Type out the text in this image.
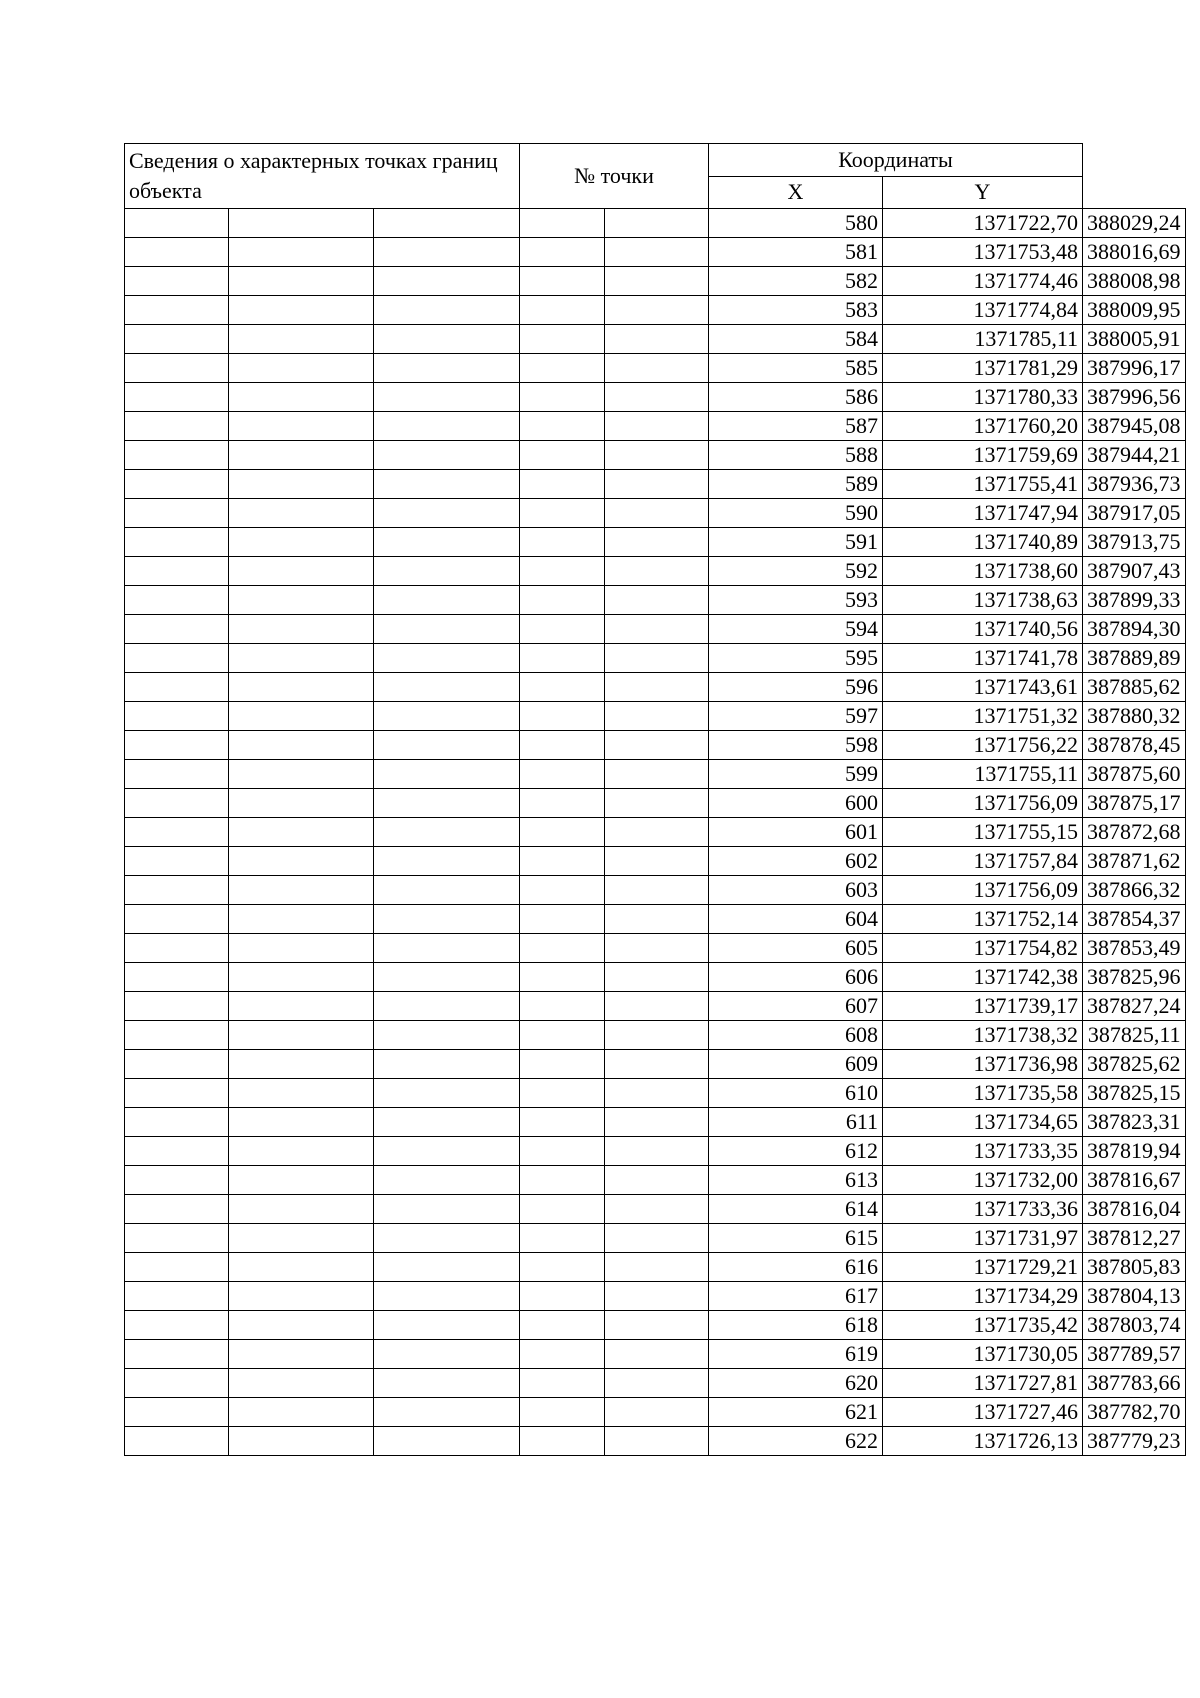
Сведения о характерных точках границ объекта			№ точки		Координаты		
					X	Y	
					580	1371722,70	388029,24
					581	1371753,48	388016,69
					582	1371774,46	388008,98
					583	1371774,84	388009,95
					584	1371785,11	388005,91
					585	1371781,29	387996,17
					586	1371780,33	387996,56
					587	1371760,20	387945,08
					588	1371759,69	387944,21
					589	1371755,41	387936,73
					590	1371747,94	387917,05
					591	1371740,89	387913,75
					592	1371738,60	387907,43
					593	1371738,63	387899,33
					594	1371740,56	387894,30
					595	1371741,78	387889,89
					596	1371743,61	387885,62
					597	1371751,32	387880,32
					598	1371756,22	387878,45
					599	1371755,11	387875,60
					600	1371756,09	387875,17
					601	1371755,15	387872,68
					602	1371757,84	387871,62
					603	1371756,09	387866,32
					604	1371752,14	387854,37
					605	1371754,82	387853,49
					606	1371742,38	387825,96
					607	1371739,17	387827,24
					608	1371738,32	387825,11
					609	1371736,98	387825,62
					610	1371735,58	387825,15
					611	1371734,65	387823,31
					612	1371733,35	387819,94
					613	1371732,00	387816,67
					614	1371733,36	387816,04
					615	1371731,97	387812,27
					616	1371729,21	387805,83
					617	1371734,29	387804,13
					618	1371735,42	387803,74
					619	1371730,05	387789,57
					620	1371727,81	387783,66
					621	1371727,46	387782,70
					622	1371726,13	387779,23
